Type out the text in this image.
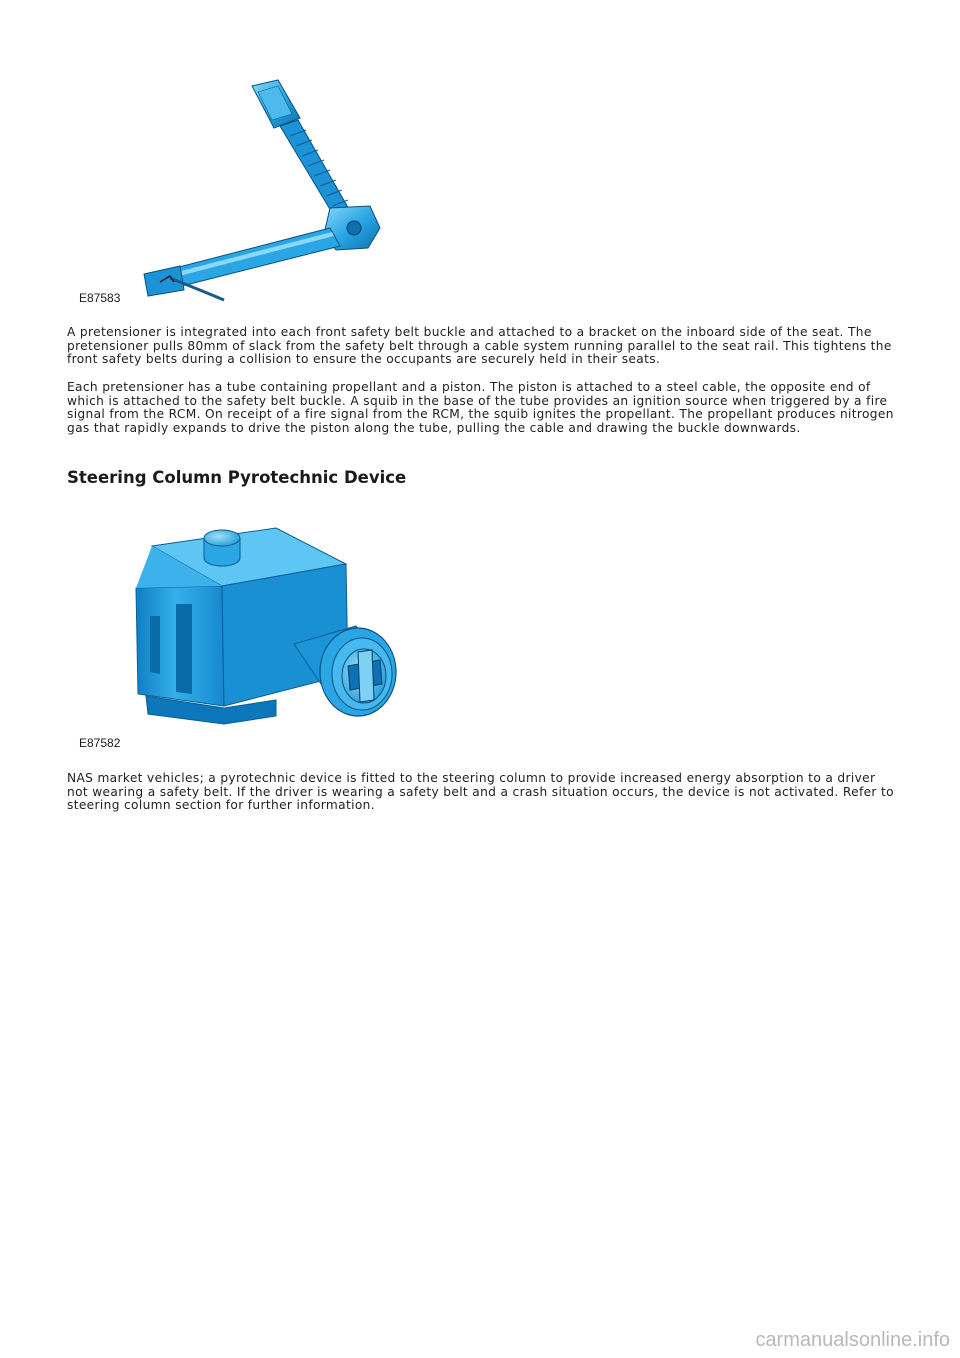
E87583

A pretensioner is integrated into each front safety belt buckle and attached to a bracket on the inboard side of the seat. The pretensioner pulls 80mm of slack from the safety belt through a cable system running parallel to the seat rail. This tightens the front safety belts during a collision to ensure the occupants are securely held in their seats.

Each pretensioner has a tube containing propellant and a piston. The piston is attached to a steel cable, the opposite end of which is attached to the safety belt buckle. A squib in the base of the tube provides an ignition source when triggered by a fire signal from the RCM. On receipt of a fire signal from the RCM, the squib ignites the propellant. The propellant produces nitrogen gas that rapidly expands to drive the piston along the tube, pulling the cable and drawing the buckle downwards.

Steering Column Pyrotechnic Device
E87582

NAS market vehicles; a pyrotechnic device is fitted to the steering column to provide increased energy absorption to a driver not wearing a safety belt. If the driver is wearing a safety belt and a crash situation occurs, the device is not activated. Refer to steering column section for further information.

carmanualsonline.info
